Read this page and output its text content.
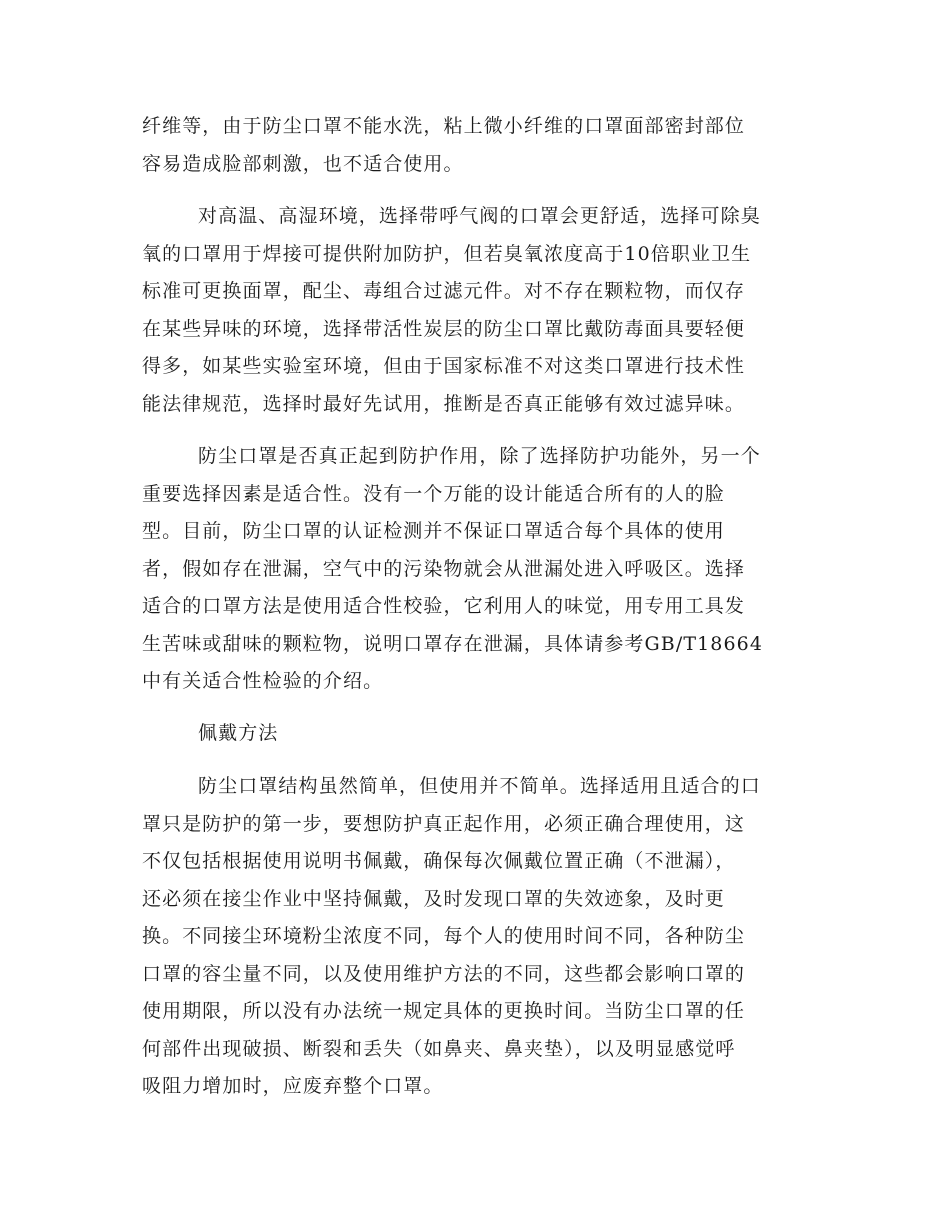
纤维等，由于防尘口罩不能水洗，粘上微小纤维的口罩面部密封部位
容易造成脸部刺激，也不适合使用。

对高温、高湿环境，选择带呼气阀的口罩会更舒适，选择可除臭
氧的口罩用于焊接可提供附加防护，但若臭氧浓度高于10倍职业卫生
标准可更换面罩，配尘、毒组合过滤元件。对不存在颗粒物，而仅存
在某些异味的环境，选择带活性炭层的防尘口罩比戴防毒面具要轻便
得多，如某些实验室环境，但由于国家标准不对这类口罩进行技术性
能法律规范，选择时最好先试用，推断是否真正能够有效过滤异味。

防尘口罩是否真正起到防护作用，除了选择防护功能外，另一个
重要选择因素是适合性。没有一个万能的设计能适合所有的人的脸
型。目前，防尘口罩的认证检测并不保证口罩适合每个具体的使用
者，假如存在泄漏，空气中的污染物就会从泄漏处进入呼吸区。选择
适合的口罩方法是使用适合性校验，它利用人的味觉，用专用工具发
生苦味或甜味的颗粒物，说明口罩存在泄漏，具体请参考GB/T18664
中有关适合性检验的介绍。

佩戴方法

防尘口罩结构虽然简单，但使用并不简单。选择适用且适合的口
罩只是防护的第一步，要想防护真正起作用，必须正确合理使用，这
不仅包括根据使用说明书佩戴，确保每次佩戴位置正确（不泄漏），
还必须在接尘作业中坚持佩戴，及时发现口罩的失效迹象，及时更
换。不同接尘环境粉尘浓度不同，每个人的使用时间不同，各种防尘
口罩的容尘量不同，以及使用维护方法的不同，这些都会影响口罩的
使用期限，所以没有办法统一规定具体的更换时间。当防尘口罩的任
何部件出现破损、断裂和丢失（如鼻夹、鼻夹垫），以及明显感觉呼
吸阻力增加时，应废弃整个口罩。
